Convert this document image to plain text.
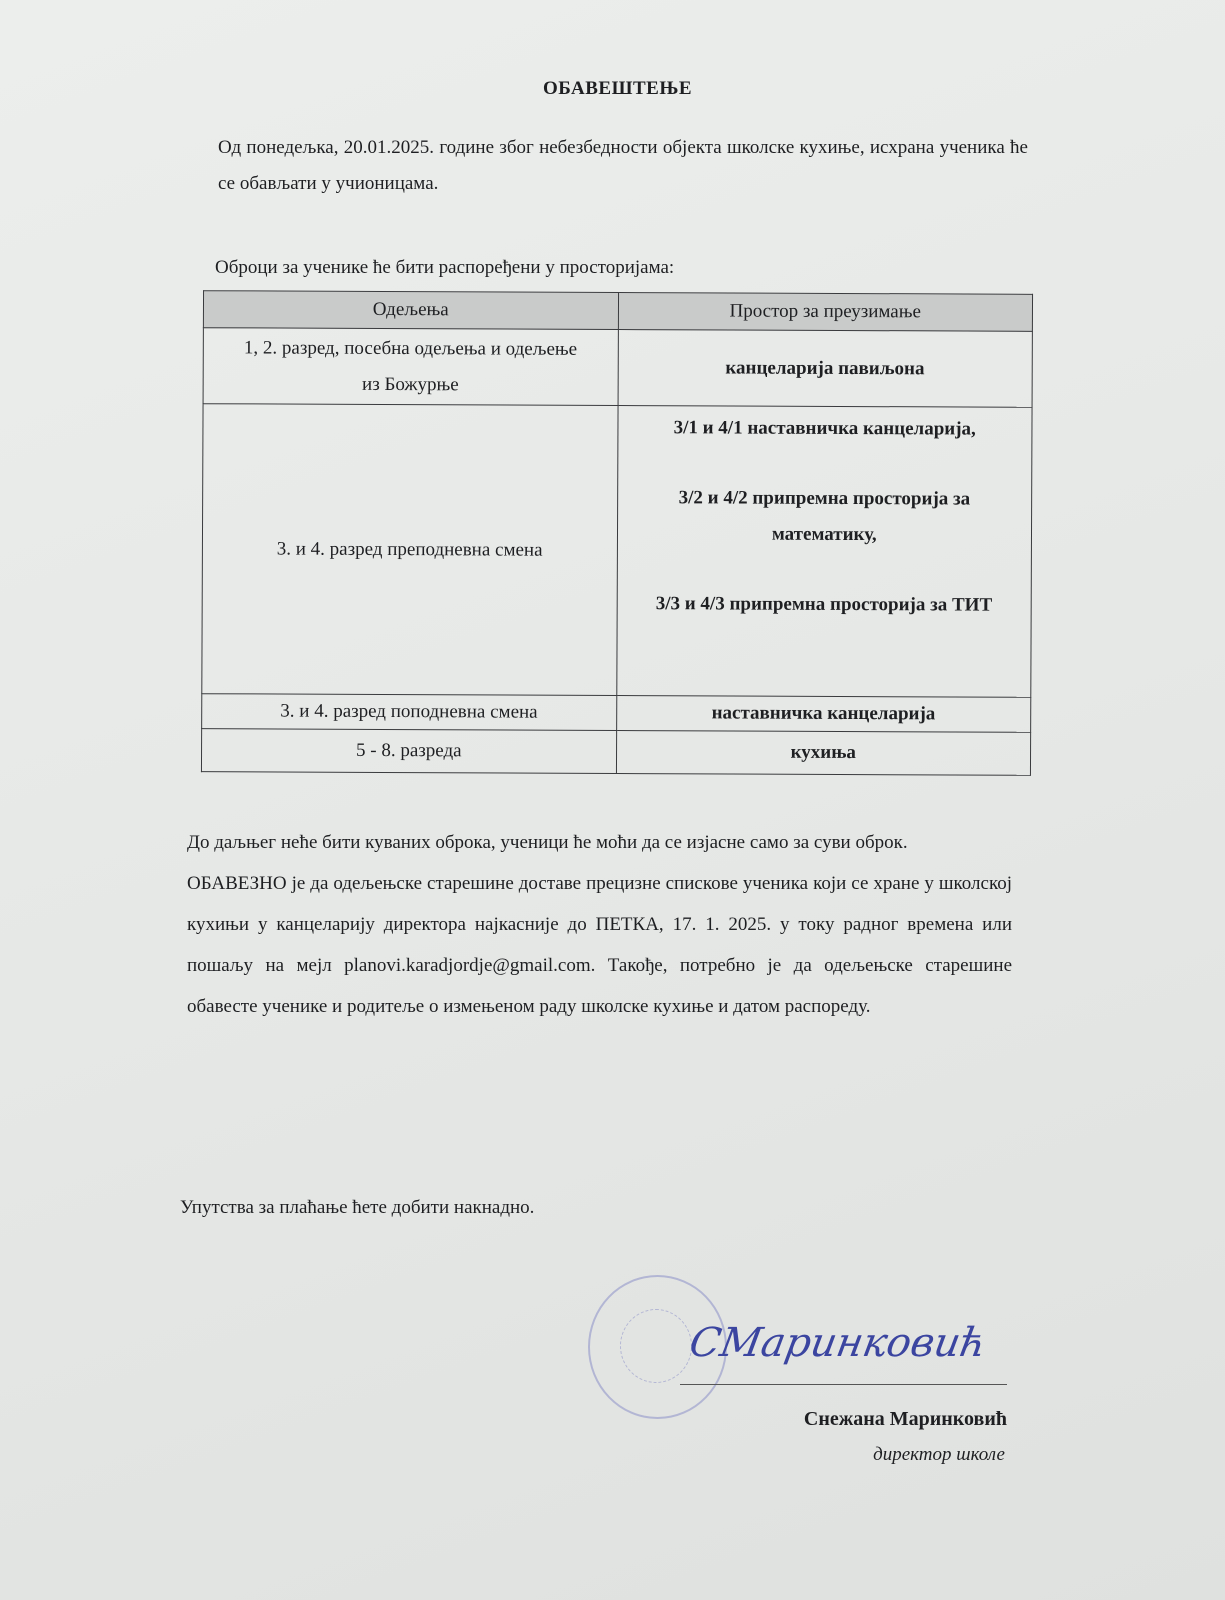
ОБАВЕШТЕЊЕ
Од понедељка, 20.01.2025. године због небезбедности објекта школске кухиње, исхрана ученика ће се обављати у учионицама.
Оброци за ученике ће бити распоређени у просторијама:
Одељења	Простор за преузимање
1, 2. разред, посебна одељења и одељење из Божурње	канцеларија павиљона
3. и 4. разред преподневна смена	3/1 и 4/1 наставничка канцеларија,
3/2 и 4/2 припремна просторија за математику,
3/3 и 4/3 припремна просторија за ТИТ

3. и 4. разред поподневна смена	наставничка канцеларија
5 - 8. разреда	кухиња
До даљњег неће бити куваних оброка, ученици ће моћи да се изјасне само за суви оброк.
ОБАВЕЗНО је да одељењске старешине доставе прецизне спискове ученика који се хране у школској кухињи у канцеларију директора најкасније до ПЕТКА, 17. 1. 2025. у току радног времена или пошаљу на мејл planovi.karadjordje@gmail.com. Такође, потребно је да одељењске старешине обавесте ученике и родитеље о измењеном раду школске кухиње и датом распореду.
Упутства за плаћање ћете добити накнадно.
СМаринковић
Снежана Маринковић
директор школе
